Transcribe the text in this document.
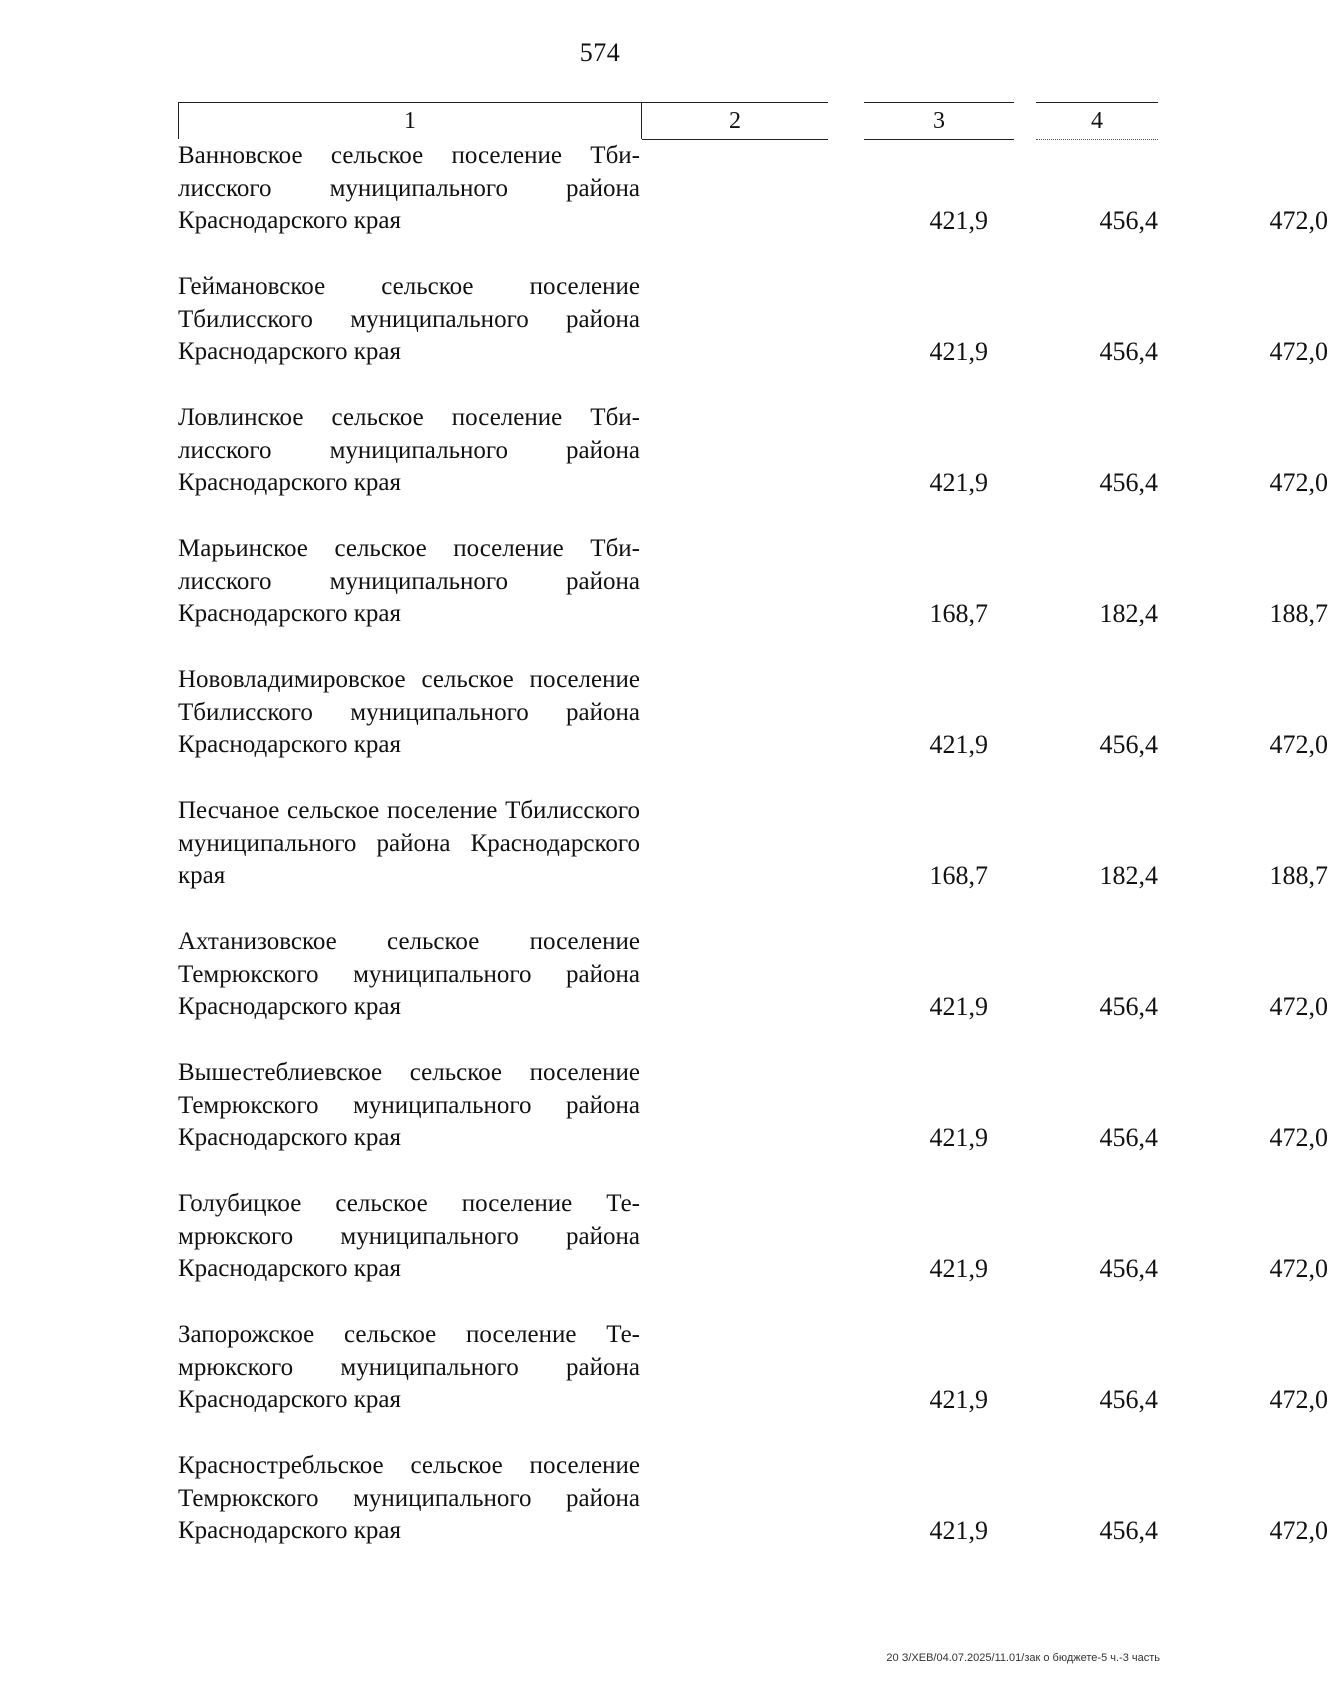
574
1	2	3	4
Ванновское сельское поселение Тбилисского муниципального района Краснодарского края	421,9	456,4	472,0
Геймановское сельское поселение Тбилисского муниципального района Краснодарского края	421,9	456,4	472,0
Ловлинское сельское поселение Тбилисского муниципального района Краснодарского края	421,9	456,4	472,0
Марьинское сельское поселение Тбилисского муниципального района Краснодарского края	168,7	182,4	188,7
Нововладимировское сельское поселение Тбилисского муниципального района Краснодарского края	421,9	456,4	472,0
Песчаное сельское поселение Тбилисского муниципального района Краснодарского края	168,7	182,4	188,7
Ахтанизовское сельское поселение Темрюкского муниципального района Краснодарского края	421,9	456,4	472,0
Вышестеблиевское сельское поселение Темрюкского муниципального района Краснодарского края	421,9	456,4	472,0
Голубицкое сельское поселение Темрюкского муниципального района Краснодарского края	421,9	456,4	472,0
Запорожское сельское поселение Темрюкского муниципального района Краснодарского края	421,9	456,4	472,0
Красностребльское сельское поселение Темрюкского муниципального района Краснодарского края	421,9	456,4	472,0
20 З/ХЕВ/04.07.2025/11.01/зак о бюджете-5 ч.-3 часть
